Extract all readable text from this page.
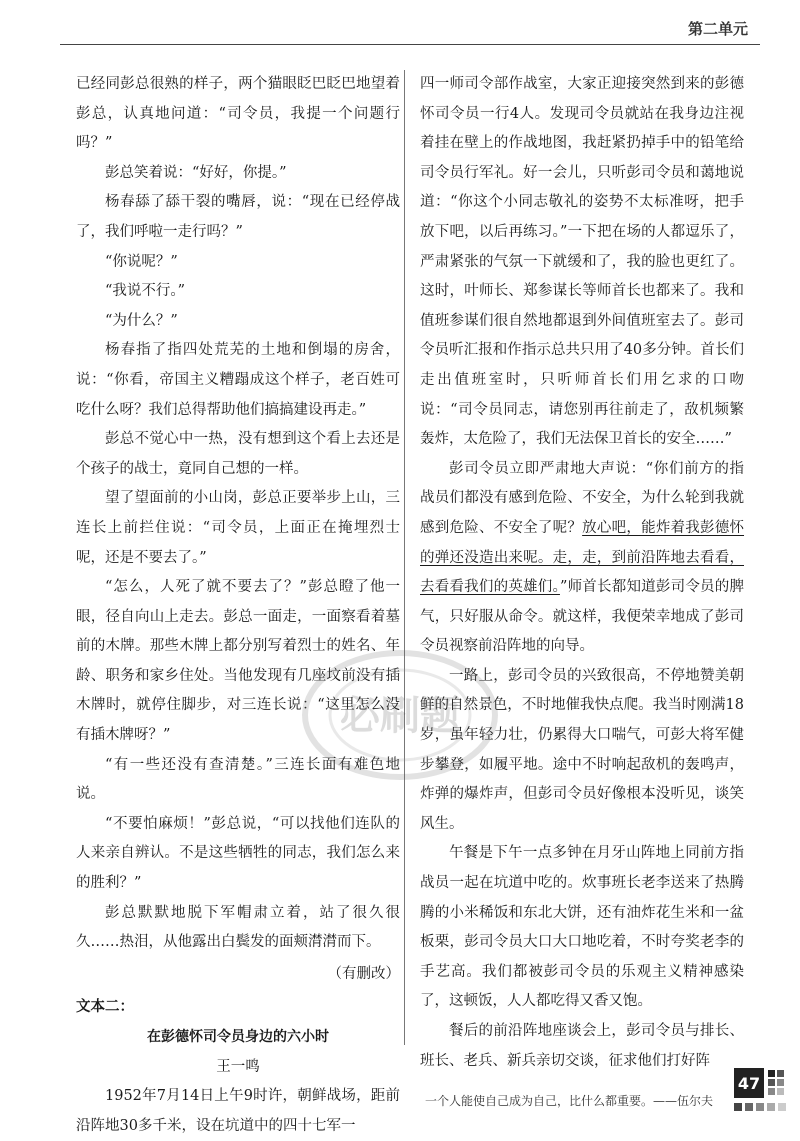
第二单元

已经同彭总很熟的样子，两个猫眼眨巴眨巴地望着彭总，认真地问道：“司令员，我提一个问题行吗？”

彭总笑着说：“好好，你提。”

杨春舔了舔干裂的嘴唇，说：“现在已经停战了，我们呼啦一走行吗？”

“你说呢？”

“我说不行。”

“为什么？”

杨春指了指四处荒芜的土地和倒塌的房舍，说：“你看，帝国主义糟蹋成这个样子，老百姓可吃什么呀？我们总得帮助他们搞搞建设再走。”

彭总不觉心中一热，没有想到这个看上去还是个孩子的战士，竟同自己想的一样。

望了望面前的小山岗，彭总正要举步上山，三连长上前拦住说：“司令员，上面正在掩埋烈士呢，还是不要去了。”

“怎么，人死了就不要去了？”彭总瞪了他一眼，径自向山上走去。彭总一面走，一面察看着墓前的木牌。那些木牌上都分别写着烈士的姓名、年龄、职务和家乡住处。当他发现有几座坟前没有插木牌时，就停住脚步，对三连长说：“这里怎么没有插木牌呀？”

“有一些还没有查清楚。”三连长面有难色地说。

“不要怕麻烦！”彭总说，“可以找他们连队的人来亲自辨认。不是这些牺牲的同志，我们怎么来的胜利？”

彭总默默地脱下军帽肃立着，站了很久很久……热泪，从他露出白鬓发的面颊潸潸而下。

（有删改）

文本二：

在彭德怀司令员身边的六小时

王一鸣

1952年7月14日上午9时许，朝鲜战场，距前沿阵地30多千米，设在坑道中的四十七军一

四一师司令部作战室，大家正迎接突然到来的彭德怀司令员一行4人。发现司令员就站在我身边注视着挂在壁上的作战地图，我赶紧扔掉手中的铅笔给司令员行军礼。好一会儿，只听彭司令员和蔼地说道：“你这个小同志敬礼的姿势不太标准呀，把手放下吧，以后再练习。”一下把在场的人都逗乐了，严肃紧张的气氛一下就缓和了，我的脸也更红了。这时，叶师长、郑参谋长等师首长也都来了。我和值班参谋们很自然地都退到外间值班室去了。彭司令员听汇报和作指示总共只用了40多分钟。首长们走出值班室时，只听师首长们用乞求的口吻说：“司令员同志，请您别再往前走了，敌机频繁轰炸，太危险了，我们无法保卫首长的安全……”

彭司令员立即严肃地大声说：“你们前方的指战员们都没有感到危险、不安全，为什么轮到我就感到危险、不安全了呢？放心吧，能炸着我彭德怀的弹还没造出来呢。走，走，到前沿阵地去看看，去看看我们的英雄们。”师首长都知道彭司令员的脾气，只好服从命令。就这样，我便荣幸地成了彭司令员视察前沿阵地的向导。

一路上，彭司令员的兴致很高，不停地赞美朝鲜的自然景色，不时地催我快点爬。我当时刚满18岁，虽年轻力壮，仍累得大口喘气，可彭大将军健步攀登，如履平地。途中不时响起敌机的轰鸣声，炸弹的爆炸声，但彭司令员好像根本没听见，谈笑风生。

午餐是下午一点多钟在月牙山阵地上同前方指战员一起在坑道中吃的。炊事班长老李送来了热腾腾的小米稀饭和东北大饼，还有油炸花生米和一盆板栗，彭司令员大口大口地吃着，不时夸奖老李的手艺高。我们都被彭司令员的乐观主义精神感染了，这顿饭，人人都吃得又香又饱。

餐后的前沿阵地座谈会上，彭司令员与排长、班长、老兵、新兵亲切交谈，征求他们打好阵

必刷题
一个人能使自己成为自己，比什么都重要。——伍尔夫
47
